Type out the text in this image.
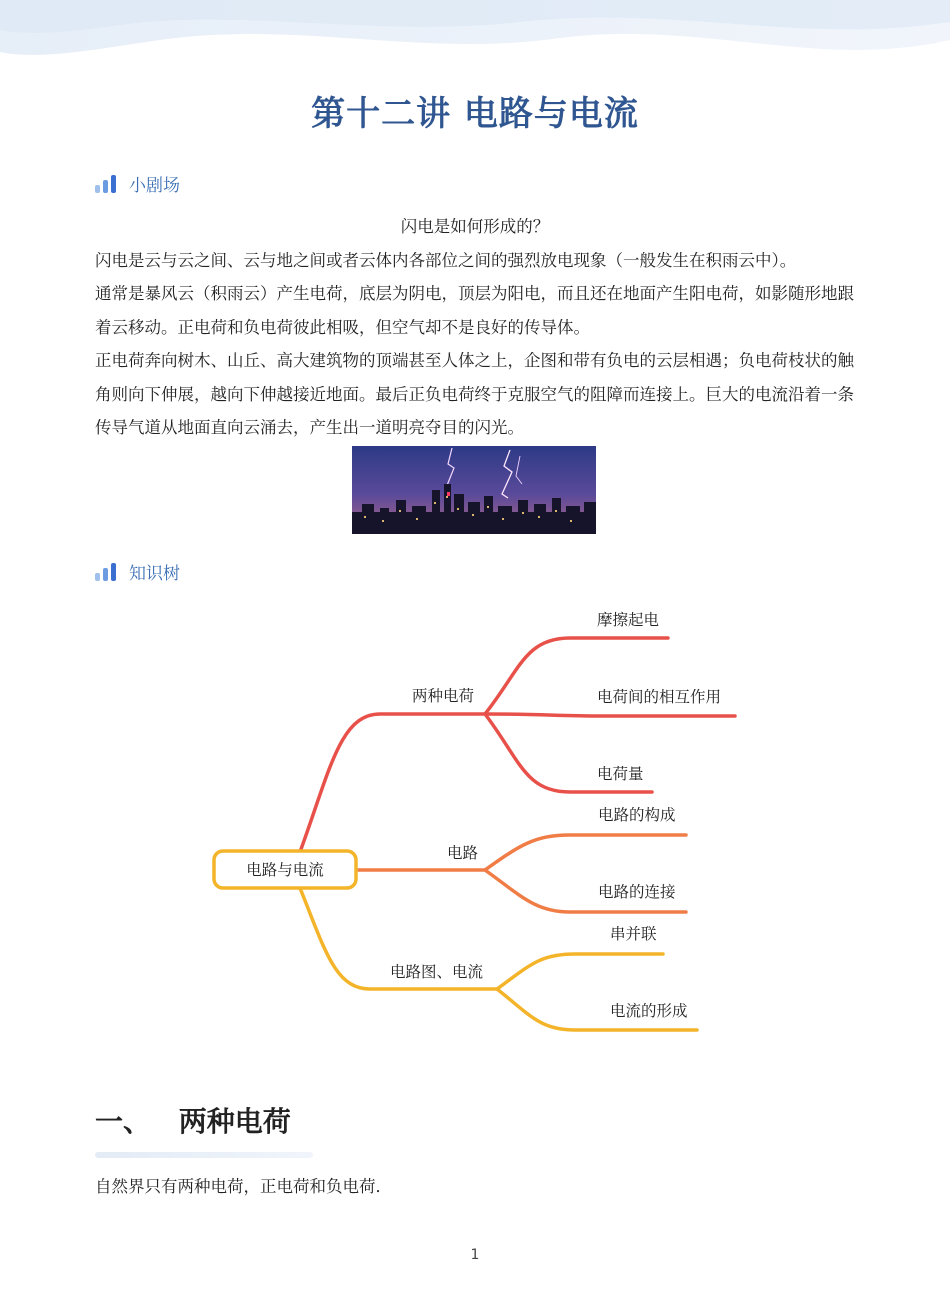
第十二讲 电路与电流
小剧场
闪电是如何形成的？
闪电是云与云之间、云与地之间或者云体内各部位之间的强烈放电现象（一般发生在积雨云中）。
通常是暴风云（积雨云）产生电荷，底层为阴电，顶层为阳电，而且还在地面产生阳电荷，如影随形地跟着云移动。正电荷和负电荷彼此相吸，但空气却不是良好的传导体。
正电荷奔向树木、山丘、高大建筑物的顶端甚至人体之上，企图和带有负电的云层相遇；负电荷枝状的触角则向下伸展，越向下伸越接近地面。最后正负电荷终于克服空气的阻障而连接上。巨大的电流沿着一条传导气道从地面直向云涌去，产生出一道明亮夺目的闪光。
知识树
电路与电流
两种电荷
摩擦起电
电荷间的相互作用
电荷量
电路
电路的构成
电路的连接
电路图、电流
串并联
电流的形成
一、 两种电荷
自然界只有两种电荷，正电荷和负电荷．
1
